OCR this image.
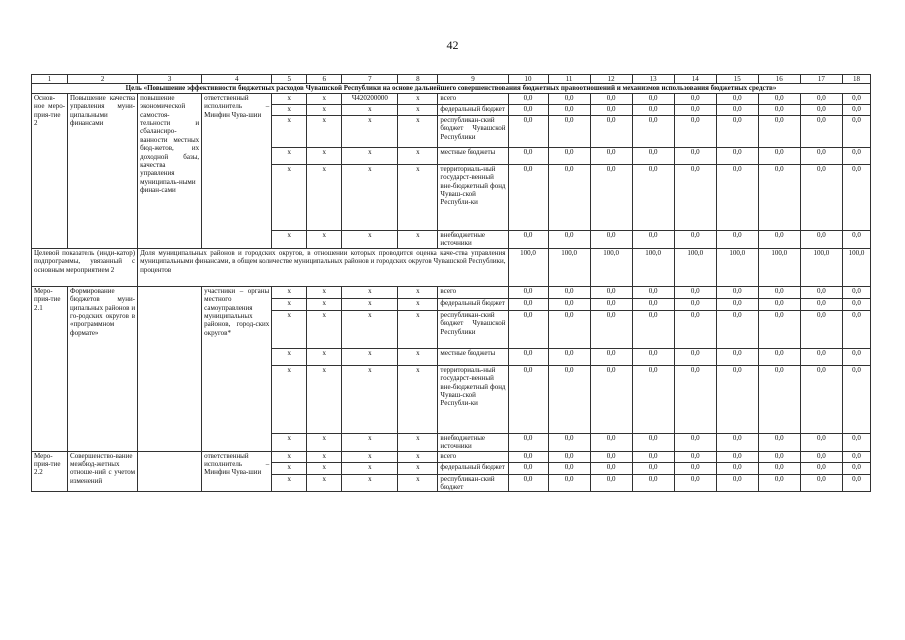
42
1	2	3	4	5	6	7	8	9	10	11	12	13	14	15	16	17	18
Цель «Повышение эффективности бюджетных расходов Чувашской Республики на основе дальнейшего совершенствования бюджетных правоотношений и механизмов использования бюджетных средств»																	
Основ-ное меро-прия-тие 2	Повышение качества управления муни-ципальными финансами	повышение экономической самостоя-тельности и сбалансиро-ванности местных бюд-жетов, их доходной базы, качества управления муниципаль-ными финан-сами	ответственный исполнитель – Минфин Чува-шии	x	x	Ч420200000	x	всего	0,0	0,0	0,0	0,0	0,0	0,0	0,0	0,0	0,0
				x	x	x	x	федеральный бюджет	0,0	0,0	0,0	0,0	0,0	0,0	0,0	0,0	0,0
				x	x	x	x	республикан-ский бюджет Чувашской Республики	0,0	0,0	0,0	0,0	0,0	0,0	0,0	0,0	0,0
				x	x	x	x	местные бюджеты	0,0	0,0	0,0	0,0	0,0	0,0	0,0	0,0	0,0
				x	x	x	x	территориаль-ный государст-венный вне-бюджетный фонд Чуваш-ской Республи-ки	0,0	0,0	0,0	0,0	0,0	0,0	0,0	0,0	0,0
				x	x	x	x	внебюджетные источники	0,0	0,0	0,0	0,0	0,0	0,0	0,0	0,0	0,0
Целевой показатель (инди-катор) подпрограммы, увязанный с основным мероприятием 2		Доля муниципальных районов и городских округов, в отношении которых проводится оценка каче-ства управления муниципальными финансами, в общем количестве муниципальных районов и городских округов Чувашской Республики, процентов							100,0	100,0	100,0	100,0	100,0	100,0	100,0	100,0	100,0
Меро-прия-тие 2.1	Формирование бюджетов муни-ципальных районов и го-родских округов в «программном формате»		участники – органы местного самоуправления муниципальных районов, город-ских округов*	x	x	x	x	всего	0,0	0,0	0,0	0,0	0,0	0,0	0,0	0,0	0,0
				x	x	x	x	федеральный бюджет	0,0	0,0	0,0	0,0	0,0	0,0	0,0	0,0	0,0
				x	x	x	x	республикан-ский бюджет Чувашской Республики	0,0	0,0	0,0	0,0	0,0	0,0	0,0	0,0	0,0
				x	x	x	x	местные бюджеты	0,0	0,0	0,0	0,0	0,0	0,0	0,0	0,0	0,0
				x	x	x	x	территориаль-ный государст-венный вне-бюджетный фонд Чуваш-ской Республи-ки	0,0	0,0	0,0	0,0	0,0	0,0	0,0	0,0	0,0
				x	x	x	x	внебюджетные источники	0,0	0,0	0,0	0,0	0,0	0,0	0,0	0,0	0,0
Меро-прия-тие 2.2	Совершенство-вание межбюд-жетных отноше-ний с учетом изменений		ответственный исполнитель – Минфин Чува-шии	x	x	x	x	всего	0,0	0,0	0,0	0,0	0,0	0,0	0,0	0,0	0,0
				x	x	x	x	федеральный бюджет	0,0	0,0	0,0	0,0	0,0	0,0	0,0	0,0	0,0
				x	x	x	x	республикан-ский бюджет	0,0	0,0	0,0	0,0	0,0	0,0	0,0	0,0	0,0
